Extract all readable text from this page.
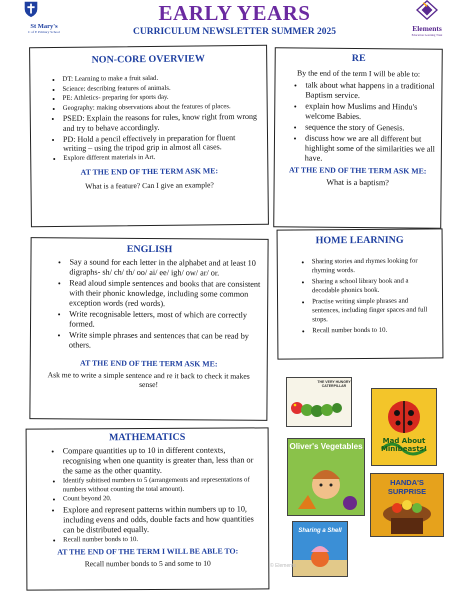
St Mary's
C of E Primary School
EARLY YEARS
CURRICULUM NEWSLETTER SUMMER 2025	Elements
Education Learning Trust
NON-CORE OVERVIEW
• DT: Learning to make a fruit salad.
• Science: describing features of animals.
• PE: Athletics- preparing for sports day.
• Geography: making observations about the features of places.
• PSED: Explain the reasons for rules, know right from wrong and try to behave accordingly.
• PD: Hold a pencil effectively in preparation for fluent writing – using the tripod grip in almost all cases.
• Explore different materials in Art.
AT THE END OF THE TERM ASK ME:
What is a feature? Can I give an example?
RE
By the end of the term I will be able to:
• talk about what happens in a traditional Baptism service.
• explain how Muslims and Hindu's welcome Babies.
• sequence the story of Genesis.
• discuss how we are all different but highlight some of the similarities we all have.
AT THE END OF THE TERM ASK ME:
What is a baptism?
ENGLISH
• Say a sound for each letter in the alphabet and at least 10 digraphs- sh/ ch/ th/ oo/ ai/ ee/ igh/ ow/ ar/ or.
• Read aloud simple sentences and books that are consistent with their phonic knowledge, including some common exception words (red words).
• Write recognisable letters, most of which are correctly formed.
• Write simple phrases and sentences that can be read by others.
AT THE END OF THE TERM ASK ME:
Ask me to write a simple sentence and re it back to check it makes sense!
HOME LEARNING
• Sharing stories and rhymes looking for rhyming words.
• Sharing a school library book and a decodable phonics book.
• Practise writing simple phrases and sentences, including finger spaces and full stops.
• Recall number bonds to 10.
MATHEMATICS
• Compare quantities up to 10 in different contexts, recognising when one quantity is greater than, less than or the same as the other quantity.
• Identify subitised numbers to 5 (arrangements and representations of numbers without counting the total amount).
• Count beyond 20.
• Explore and represent patterns within numbers up to 10, including evens and odds, double facts and how quantities can be distributed equally.
• Recall number bonds to 10.
AT THE END OF THE TERM I WILL BE ABLE TO:
Recall number bonds to 5 and some to 10
THE VERY HUNGRY CATERPILLAR
Mad About Minibeasts!
Oliver's Vegetables
HANDA'S SURPRISE
Sharing a Shell
© Elements
